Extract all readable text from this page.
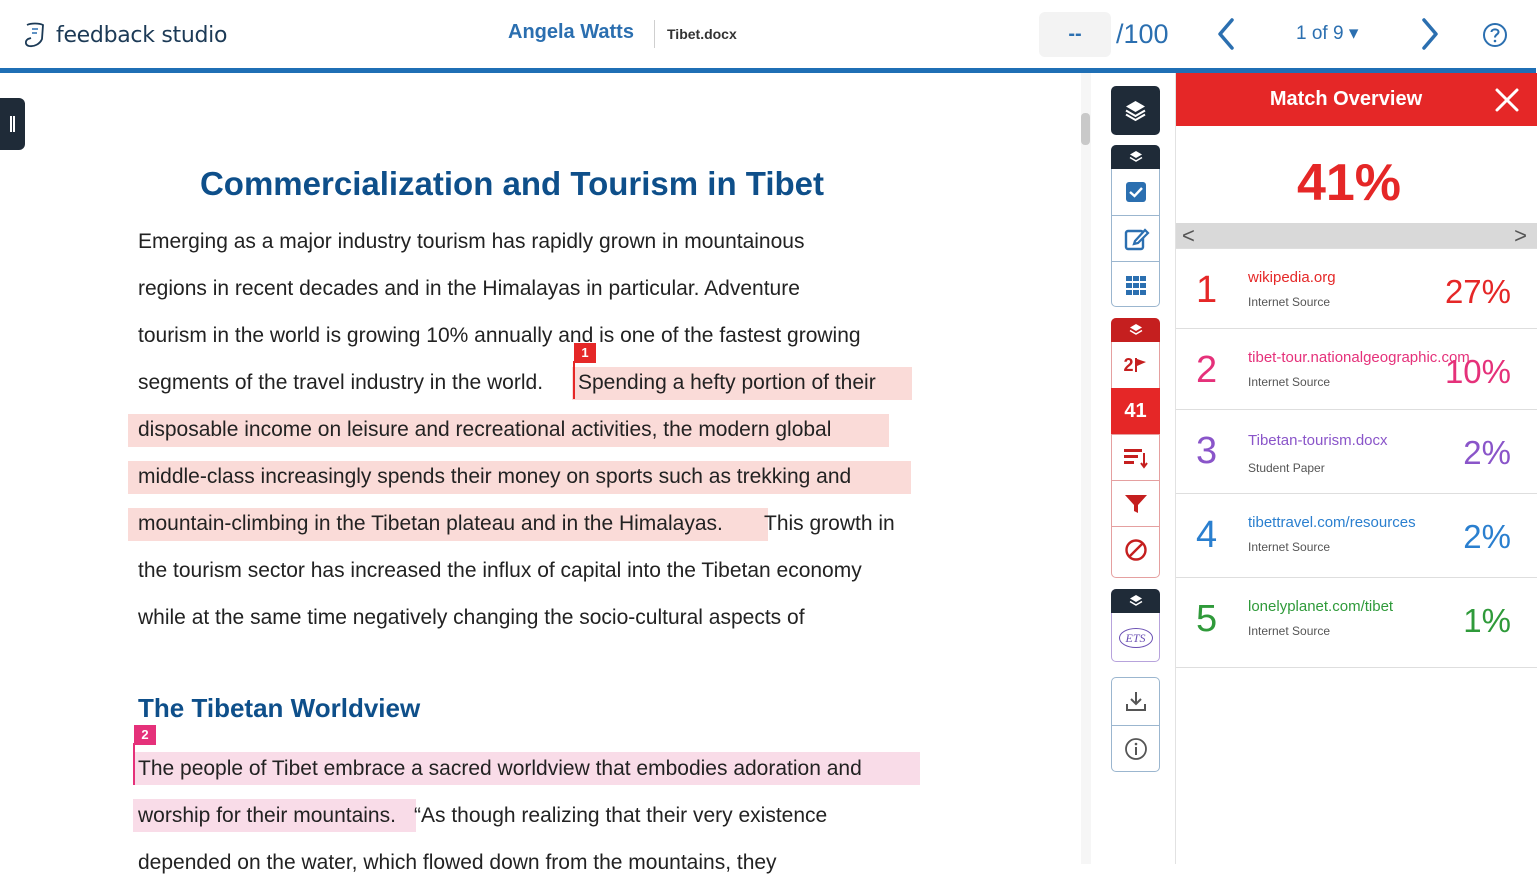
feedback studio	Angela Watts Tibet.docx	--	/100	1 of 9 ▾
Commercialization and Tourism in Tibet
1
Emerging as a major industry tourism has rapidly grown in mountainous
regions in recent decades and in the Himalayas in particular. Adventure
tourism in the world is growing 10% annually and is one of the fastest growing
segments of the travel industry in the world. Spending a hefty portion of their
disposable income on leisure and recreational activities, the modern global
middle-class increasingly spends their money on sports such as trekking and
mountain-climbing in the Tibetan plateau and in the Himalayas. This growth in
the tourism sector has increased the influx of capital into the Tibetan economy
while at the same time negatively changing the socio-cultural aspects of
The Tibetan Worldview
2
The people of Tibet embrace a sacred worldview that embodies adoration and
worship for their mountains. “As though realizing that their very existence
depended on the water, which flowed down from the mountains, they
2
41
ETS
Match Overview
41%
<	>
1 wikipedia.org
Internet Source	27%
2 tibet-tour.nationalgeographic.com
Internet Source	10%
3 Tibetan-tourism.docx
Student Paper	2%
4 tibettravel.com/resources
Internet Source	2%
5 lonelyplanet.com/tibet
Internet Source	1%
